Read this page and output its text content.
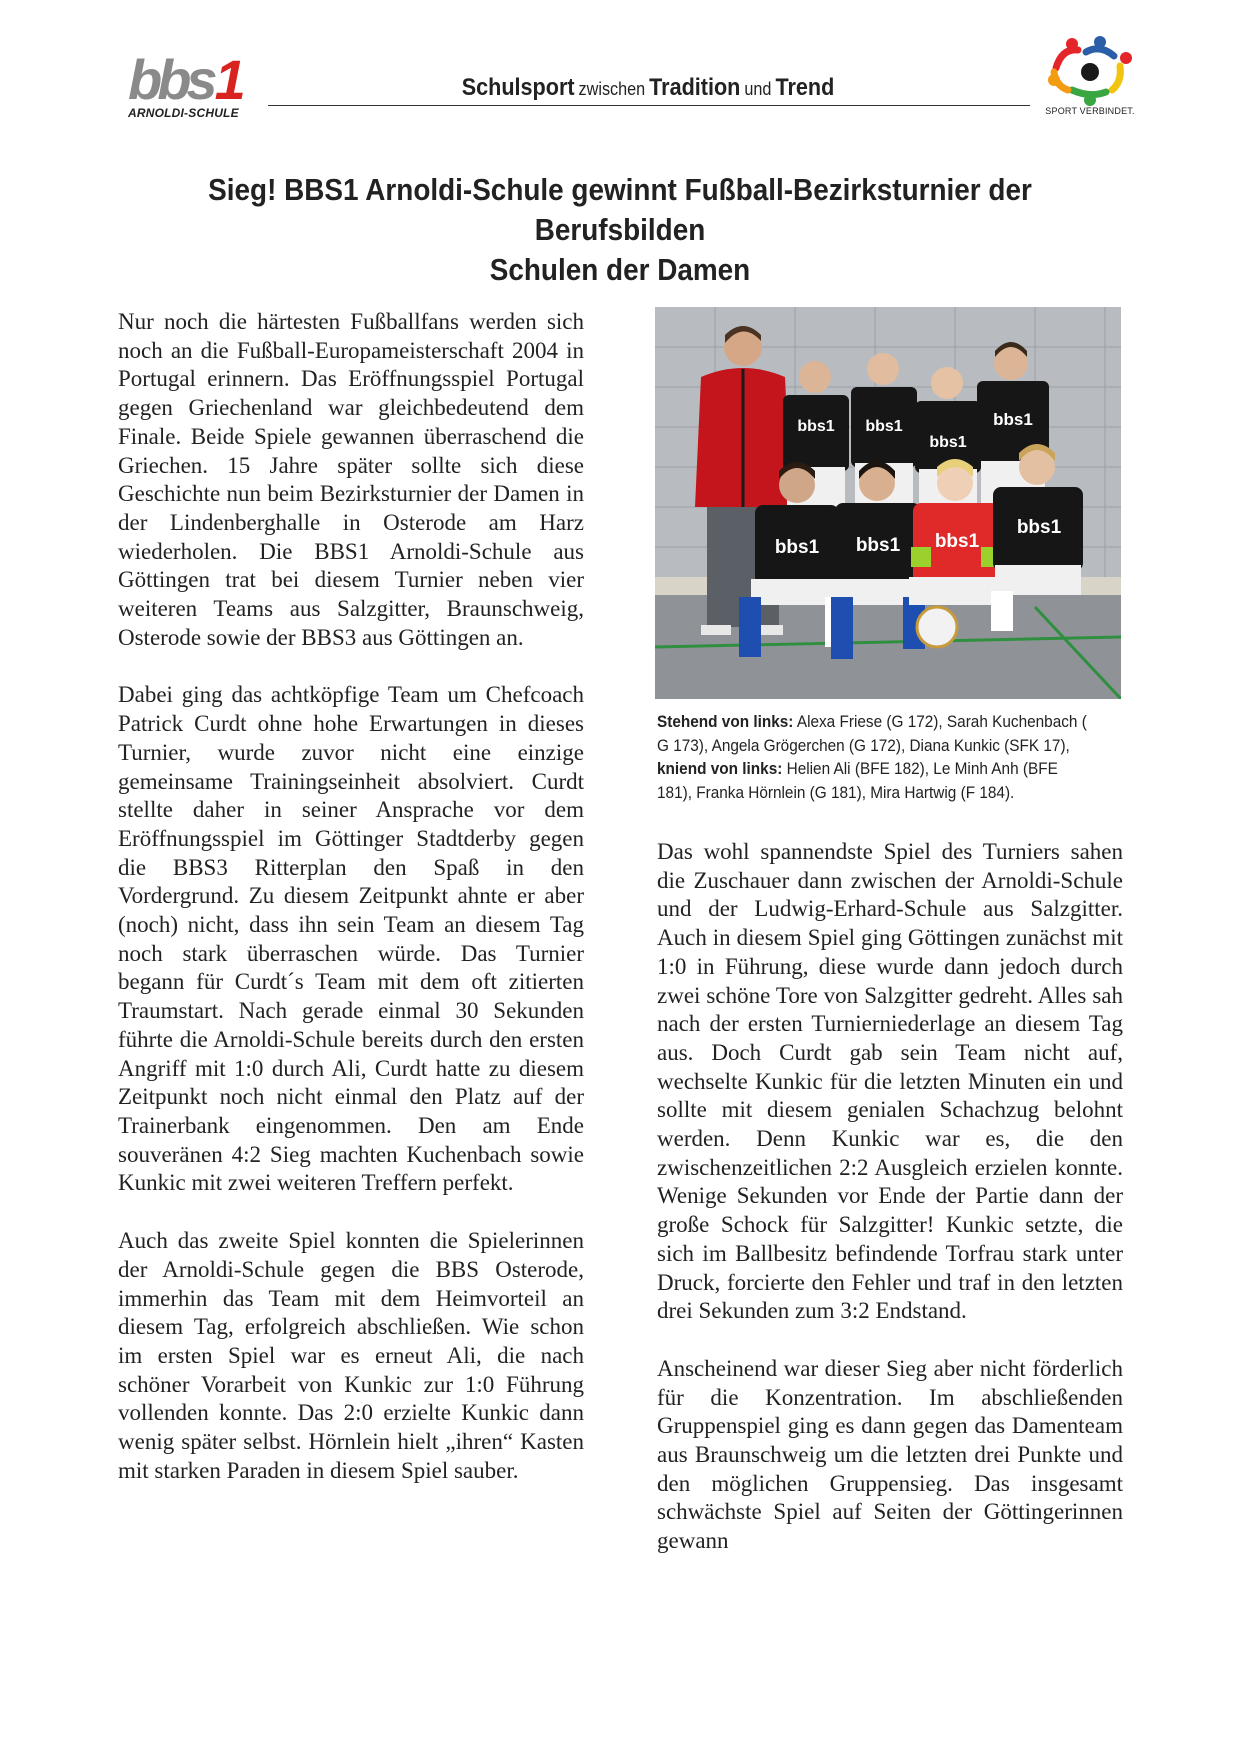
bbs1
ARNOLDI-SCHULE
Schulsport zwischen Tradition und Trend
SPORT VERBINDET.
Sieg! BBS1 Arnoldi-Schule gewinnt Fußball-Bezirksturnier der Berufsbilden
Schulen der Damen

Nur noch die härtesten Fußballfans werden sich noch an die Fußball-Europameisterschaft 2004 in Portugal erinnern. Das Eröffnungsspiel Portugal gegen Griechenland war gleichbedeutend dem Finale. Beide Spiele gewannen überraschend die Griechen. 15 Jahre später sollte sich diese Geschichte nun beim Bezirksturnier der Damen in der Lindenberghalle in Osterode am Harz wiederholen. Die BBS1 Arnoldi-Schule aus Göttingen trat bei diesem Turnier neben vier weiteren Teams aus Salzgitter, Braunschweig, Osterode sowie der BBS3 aus Göttingen an.

Dabei ging das achtköpfige Team um Chefcoach Patrick Curdt ohne hohe Erwartungen in dieses Turnier, wurde zuvor nicht eine einzige gemeinsame Trainingseinheit absolviert. Curdt stellte daher in seiner Ansprache vor dem Eröffnungsspiel im Göttinger Stadtderby gegen die BBS3 Ritterplan den Spaß in den Vordergrund. Zu diesem Zeitpunkt ahnte er aber (noch) nicht, dass ihn sein Team an diesem Tag noch stark überraschen würde. Das Turnier begann für Curdt´s Team mit dem oft zitierten Traumstart. Nach gerade einmal 30 Sekunden führte die Arnoldi-Schule bereits durch den ersten Angriff mit 1:0 durch Ali, Curdt hatte zu diesem Zeitpunkt noch nicht einmal den Platz auf der Trainerbank eingenommen. Den am Ende souveränen 4:2 Sieg machten Kuchenbach sowie Kunkic mit zwei weiteren Treffern perfekt.

Auch das zweite Spiel konnten die Spielerinnen der Arnoldi-Schule gegen die BBS Osterode, immerhin das Team mit dem Heimvorteil an diesem Tag, erfolgreich abschließen. Wie schon im ersten Spiel war es erneut Ali, die nach schöner Vorarbeit von Kunkic zur 1:0 Führung vollenden konnte. Das 2:0 erzielte Kunkic dann wenig später selbst. Hörnlein hielt „ihren“ Kasten mit starken Paraden in diesem Spiel sauber.

bbs1 bbs1
bbs1
bbs1
bbs1 bbs1 bbs1
bbs1
Stehend von links: Alexa Friese (G 172), Sarah Kuchenbach ( G 173), Angela Grögerchen (G 172), Diana Kunkic (SFK 17),
kniend von links: Helien Ali (BFE 182), Le Minh Anh (BFE 181), Franka Hörnlein (G 181), Mira Hartwig (F 184).

Das wohl spannendste Spiel des Turniers sahen die Zuschauer dann zwischen der Arnoldi-Schule und der Ludwig-Erhard-Schule aus Salzgitter. Auch in diesem Spiel ging Göttingen zunächst mit 1:0 in Führung, diese wurde dann jedoch durch zwei schöne Tore von Salzgitter gedreht. Alles sah nach der ersten Turnierniederlage an diesem Tag aus. Doch Curdt gab sein Team nicht auf, wechselte Kunkic für die letzten Minuten ein und sollte mit diesem genialen Schachzug belohnt werden. Denn Kunkic war es, die den zwischenzeitlichen 2:2 Ausgleich erzielen konnte. Wenige Sekunden vor Ende der Partie dann der große Schock für Salzgitter! Kunkic setzte, die sich im Ballbesitz befindende Torfrau stark unter Druck, forcierte den Fehler und traf in den letzten drei Sekunden zum 3:2 Endstand.

Anscheinend war dieser Sieg aber nicht förderlich für die Konzentration. Im abschließenden Gruppenspiel ging es dann gegen das Damenteam aus Braunschweig um die letzten drei Punkte und den möglichen Gruppensieg. Das insgesamt schwächste Spiel auf Seiten der Göttingerinnen gewann
